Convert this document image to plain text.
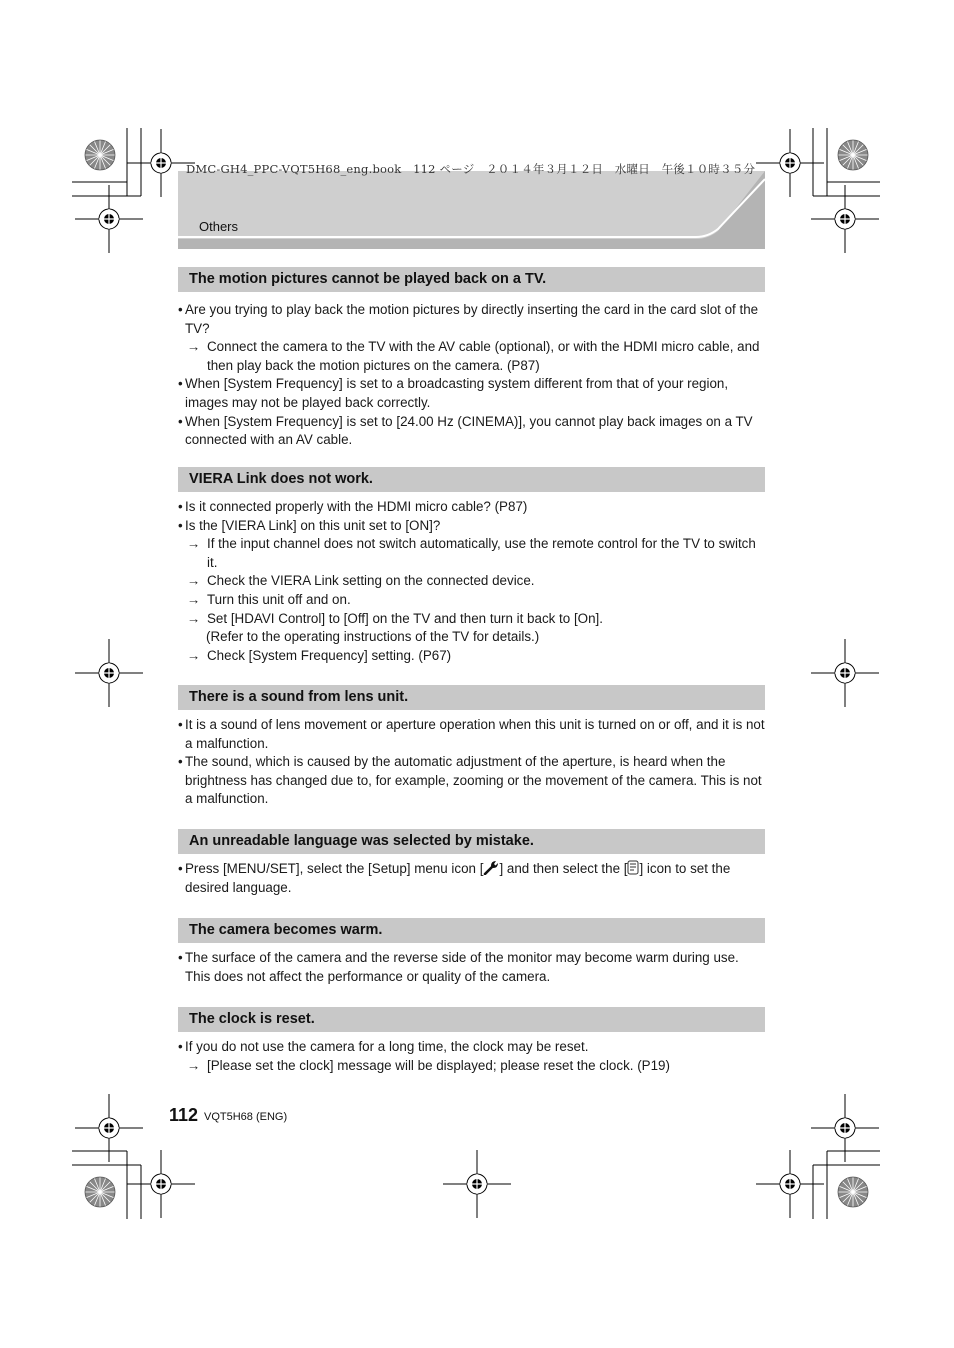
Others
DMC-GH4_PPC-VQT5H68_eng.book　112 ページ　２０１４年３月１２日　水曜日　午後１０時３５分
The motion pictures cannot be played back on a TV.
• Are you trying to play back the motion pictures by directly inserting the card in the card slot of the TV?
→ Connect the camera to the TV with the AV cable (optional), or with the HDMI micro cable, and then play back the motion pictures on the camera. (P87)
• When [System Frequency] is set to a broadcasting system different from that of your region, images may not be played back correctly.
• When [System Frequency] is set to [24.00 Hz (CINEMA)], you cannot play back images on a TV connected with an AV cable.
VIERA Link does not work.
• Is it connected properly with the HDMI micro cable? (P87)
• Is the [VIERA Link] on this unit set to [ON]?
→ If the input channel does not switch automatically, use the remote control for the TV to switch it.
→ Check the VIERA Link setting on the connected device.
→ Turn this unit off and on.
→ Set [HDAVI Control] to [Off] on the TV and then turn it back to [On].
(Refer to the operating instructions of the TV for details.)
→ Check [System Frequency] setting. (P67)
There is a sound from lens unit.
• It is a sound of lens movement or aperture operation when this unit is turned on or off, and it is not a malfunction.
• The sound, which is caused by the automatic adjustment of the aperture, is heard when the brightness has changed due to, for example, zooming or the movement of the camera. This is not a malfunction.
An unreadable language was selected by mistake.
• Press [MENU/SET], select the [Setup] menu icon [ ] and then select the [ ] icon to set the desired language.
The camera becomes warm.
• The surface of the camera and the reverse side of the monitor may become warm during use. This does not affect the performance or quality of the camera.
The clock is reset.
• If you do not use the camera for a long time, the clock may be reset.
→ [Please set the clock] message will be displayed; please reset the clock. (P19)
112 VQT5H68 (ENG)
